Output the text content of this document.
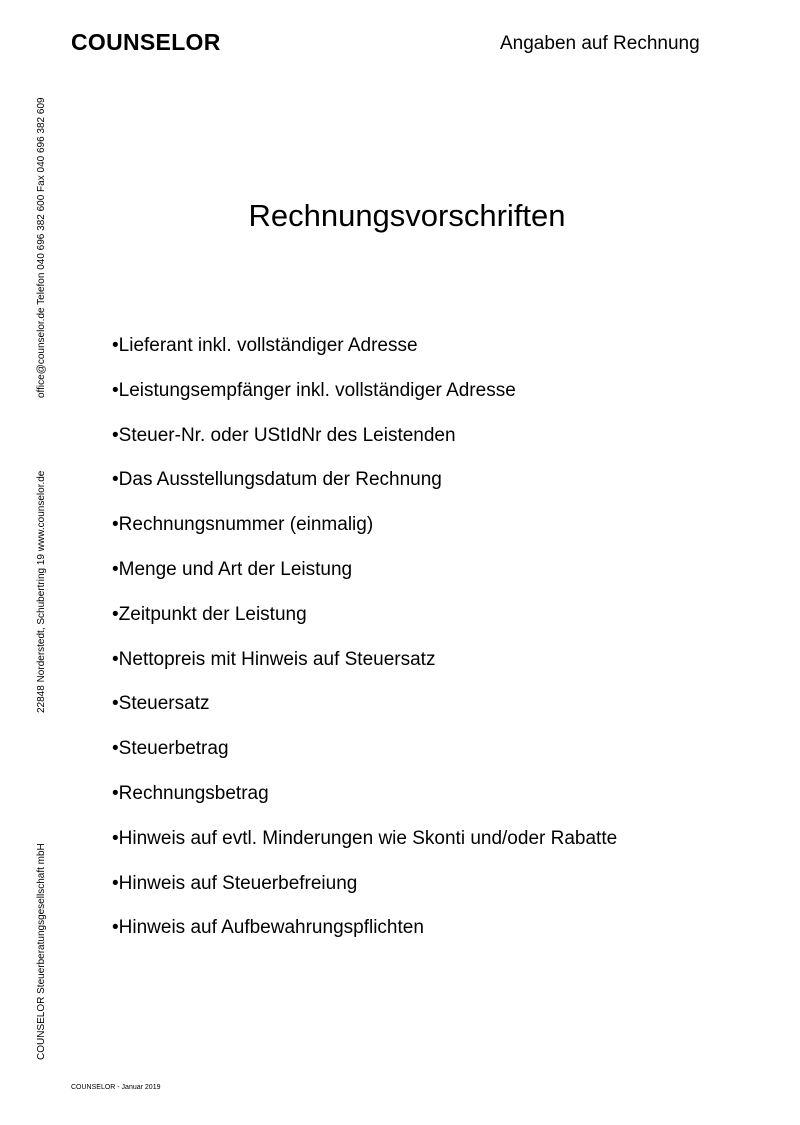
COUNSELOR	Angaben auf Rechnung
office@counselor.de Telefon 040 696 382 600 Fax 040 696 382 609
22848 Norderstedt, Schubertring 19 www.counselor.de
COUNSELOR Steuerberatungsgesellschaft mbH
Rechnungsvorschriften
•Lieferant inkl. vollständiger Adresse
•Leistungsempfänger inkl. vollständiger Adresse
•Steuer-Nr. oder UStIdNr des Leistenden
•Das Ausstellungsdatum der Rechnung
•Rechnungsnummer (einmalig)
•Menge und Art der Leistung
•Zeitpunkt der Leistung
•Nettopreis mit Hinweis auf Steuersatz
•Steuersatz
•Steuerbetrag
•Rechnungsbetrag
•Hinweis auf evtl. Minderungen wie Skonti und/oder Rabatte
•Hinweis auf Steuerbefreiung
•Hinweis auf Aufbewahrungspflichten
COUNSELOR - Januar 2019
